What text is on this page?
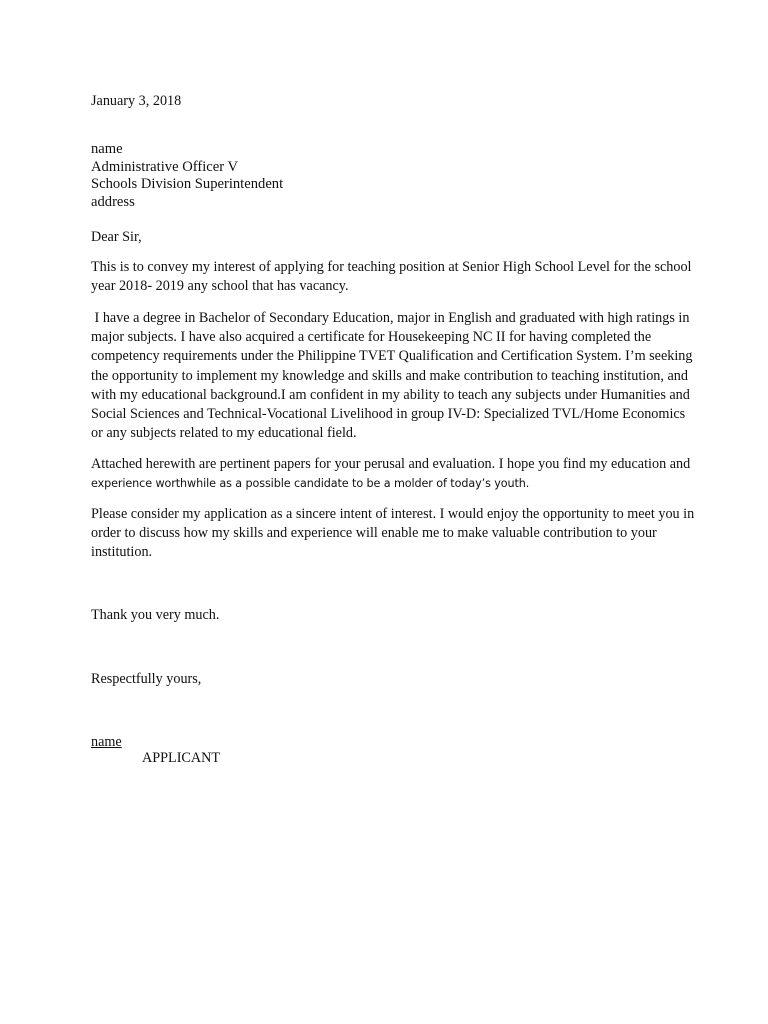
January 3, 2018
name
Administrative Officer V
Schools Division Superintendent
address
Dear Sir,
This is to convey my interest of applying for teaching position at Senior High School Level for the school
year 2018- 2019 any school that has vacancy.
I have a degree in Bachelor of Secondary Education, major in English and graduated with high ratings in
major subjects. I have also acquired a certificate for Housekeeping NC II for having completed the
competency requirements under the Philippine TVET Qualification and Certification System. I’m seeking
the opportunity to implement my knowledge and skills and make contribution to teaching institution, and
with my educational background.I am confident in my ability to teach any subjects under Humanities and
Social Sciences and Technical-Vocational Livelihood in group IV-D: Specialized TVL/Home Economics
or any subjects related to my educational field.
Attached herewith are pertinent papers for your perusal and evaluation. I hope you find my education and
experience worthwhile as a possible candidate to be a molder of today’s youth.
Please consider my application as a sincere intent of interest. I would enjoy the opportunity to meet you in
order to discuss how my skills and experience will enable me to make valuable contribution to your
institution.
Thank you very much.
Respectfully yours,
name
APPLICANT
